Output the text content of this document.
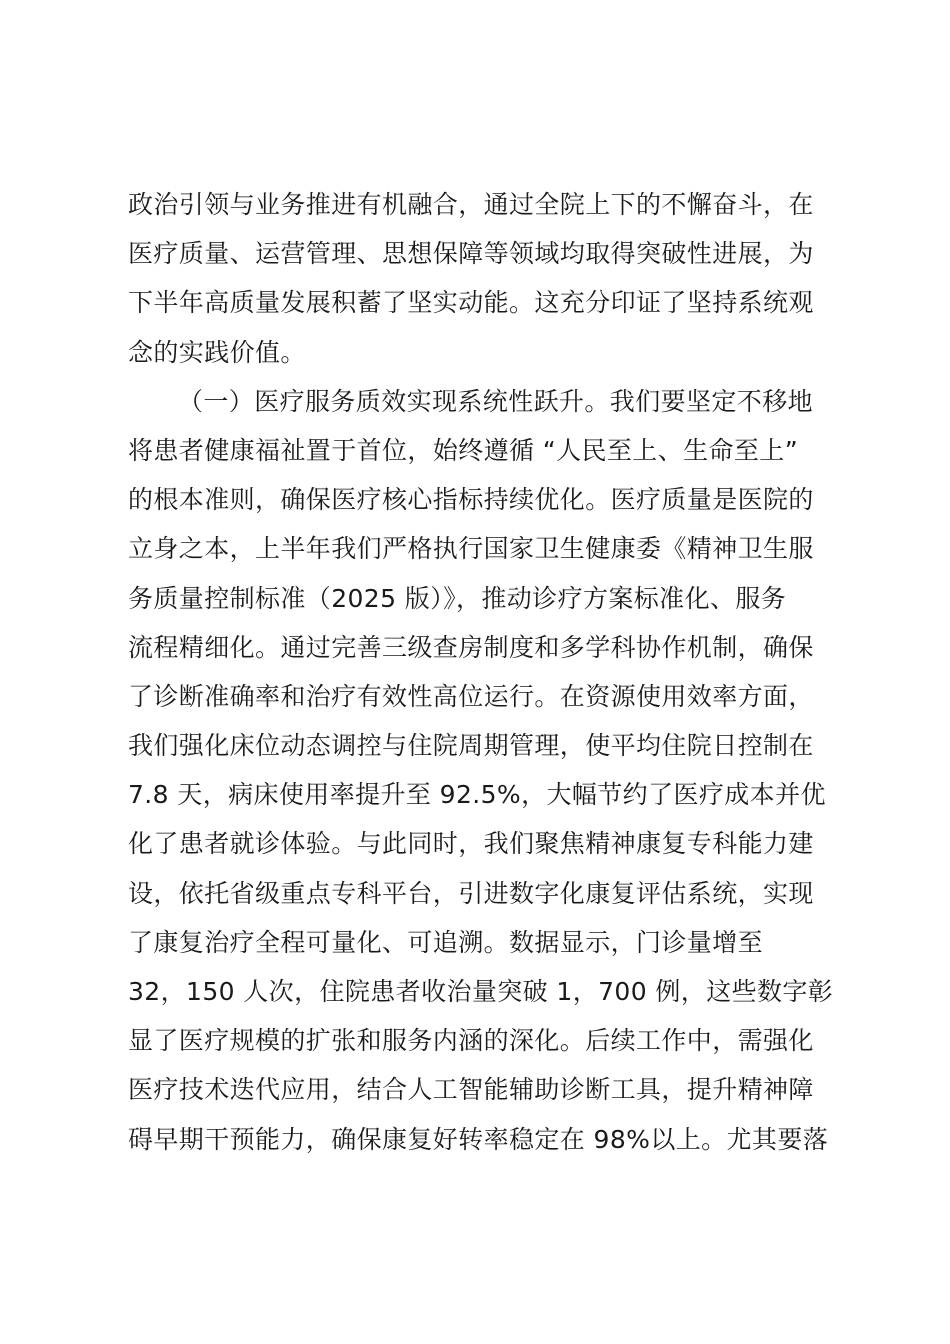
政治引领与业务推进有机融合，通过全院上下的不懈奋斗，在
医疗质量、运营管理、思想保障等领域均取得突破性进展，为
下半年高质量发展积蓄了坚实动能。这充分印证了坚持系统观
念的实践价值。
（一）医疗服务质效实现系统性跃升。我们要坚定不移地
将患者健康福祉置于首位，始终遵循 “人民至上、生命至上”
的根本准则，确保医疗核心指标持续优化。医疗质量是医院的
立身之本，上半年我们严格执行国家卫生健康委《精神卫生服
务质量控制标准（2025 版）》，推动诊疗方案标准化、服务
流程精细化。通过完善三级查房制度和多学科协作机制，确保
了诊断准确率和治疗有效性高位运行。在资源使用效率方面，
我们强化床位动态调控与住院周期管理，使平均住院日控制在
7.8 天，病床使用率提升至 92.5%，大幅节约了医疗成本并优
化了患者就诊体验。与此同时，我们聚焦精神康复专科能力建
设，依托省级重点专科平台，引进数字化康复评估系统，实现
了康复治疗全程可量化、可追溯。数据显示，门诊量增至
32，150 人次，住院患者收治量突破 1，700 例，这些数字彰
显了医疗规模的扩张和服务内涵的深化。后续工作中，需强化
医疗技术迭代应用，结合人工智能辅助诊断工具，提升精神障
碍早期干预能力，确保康复好转率稳定在 98%以上。尤其要落
